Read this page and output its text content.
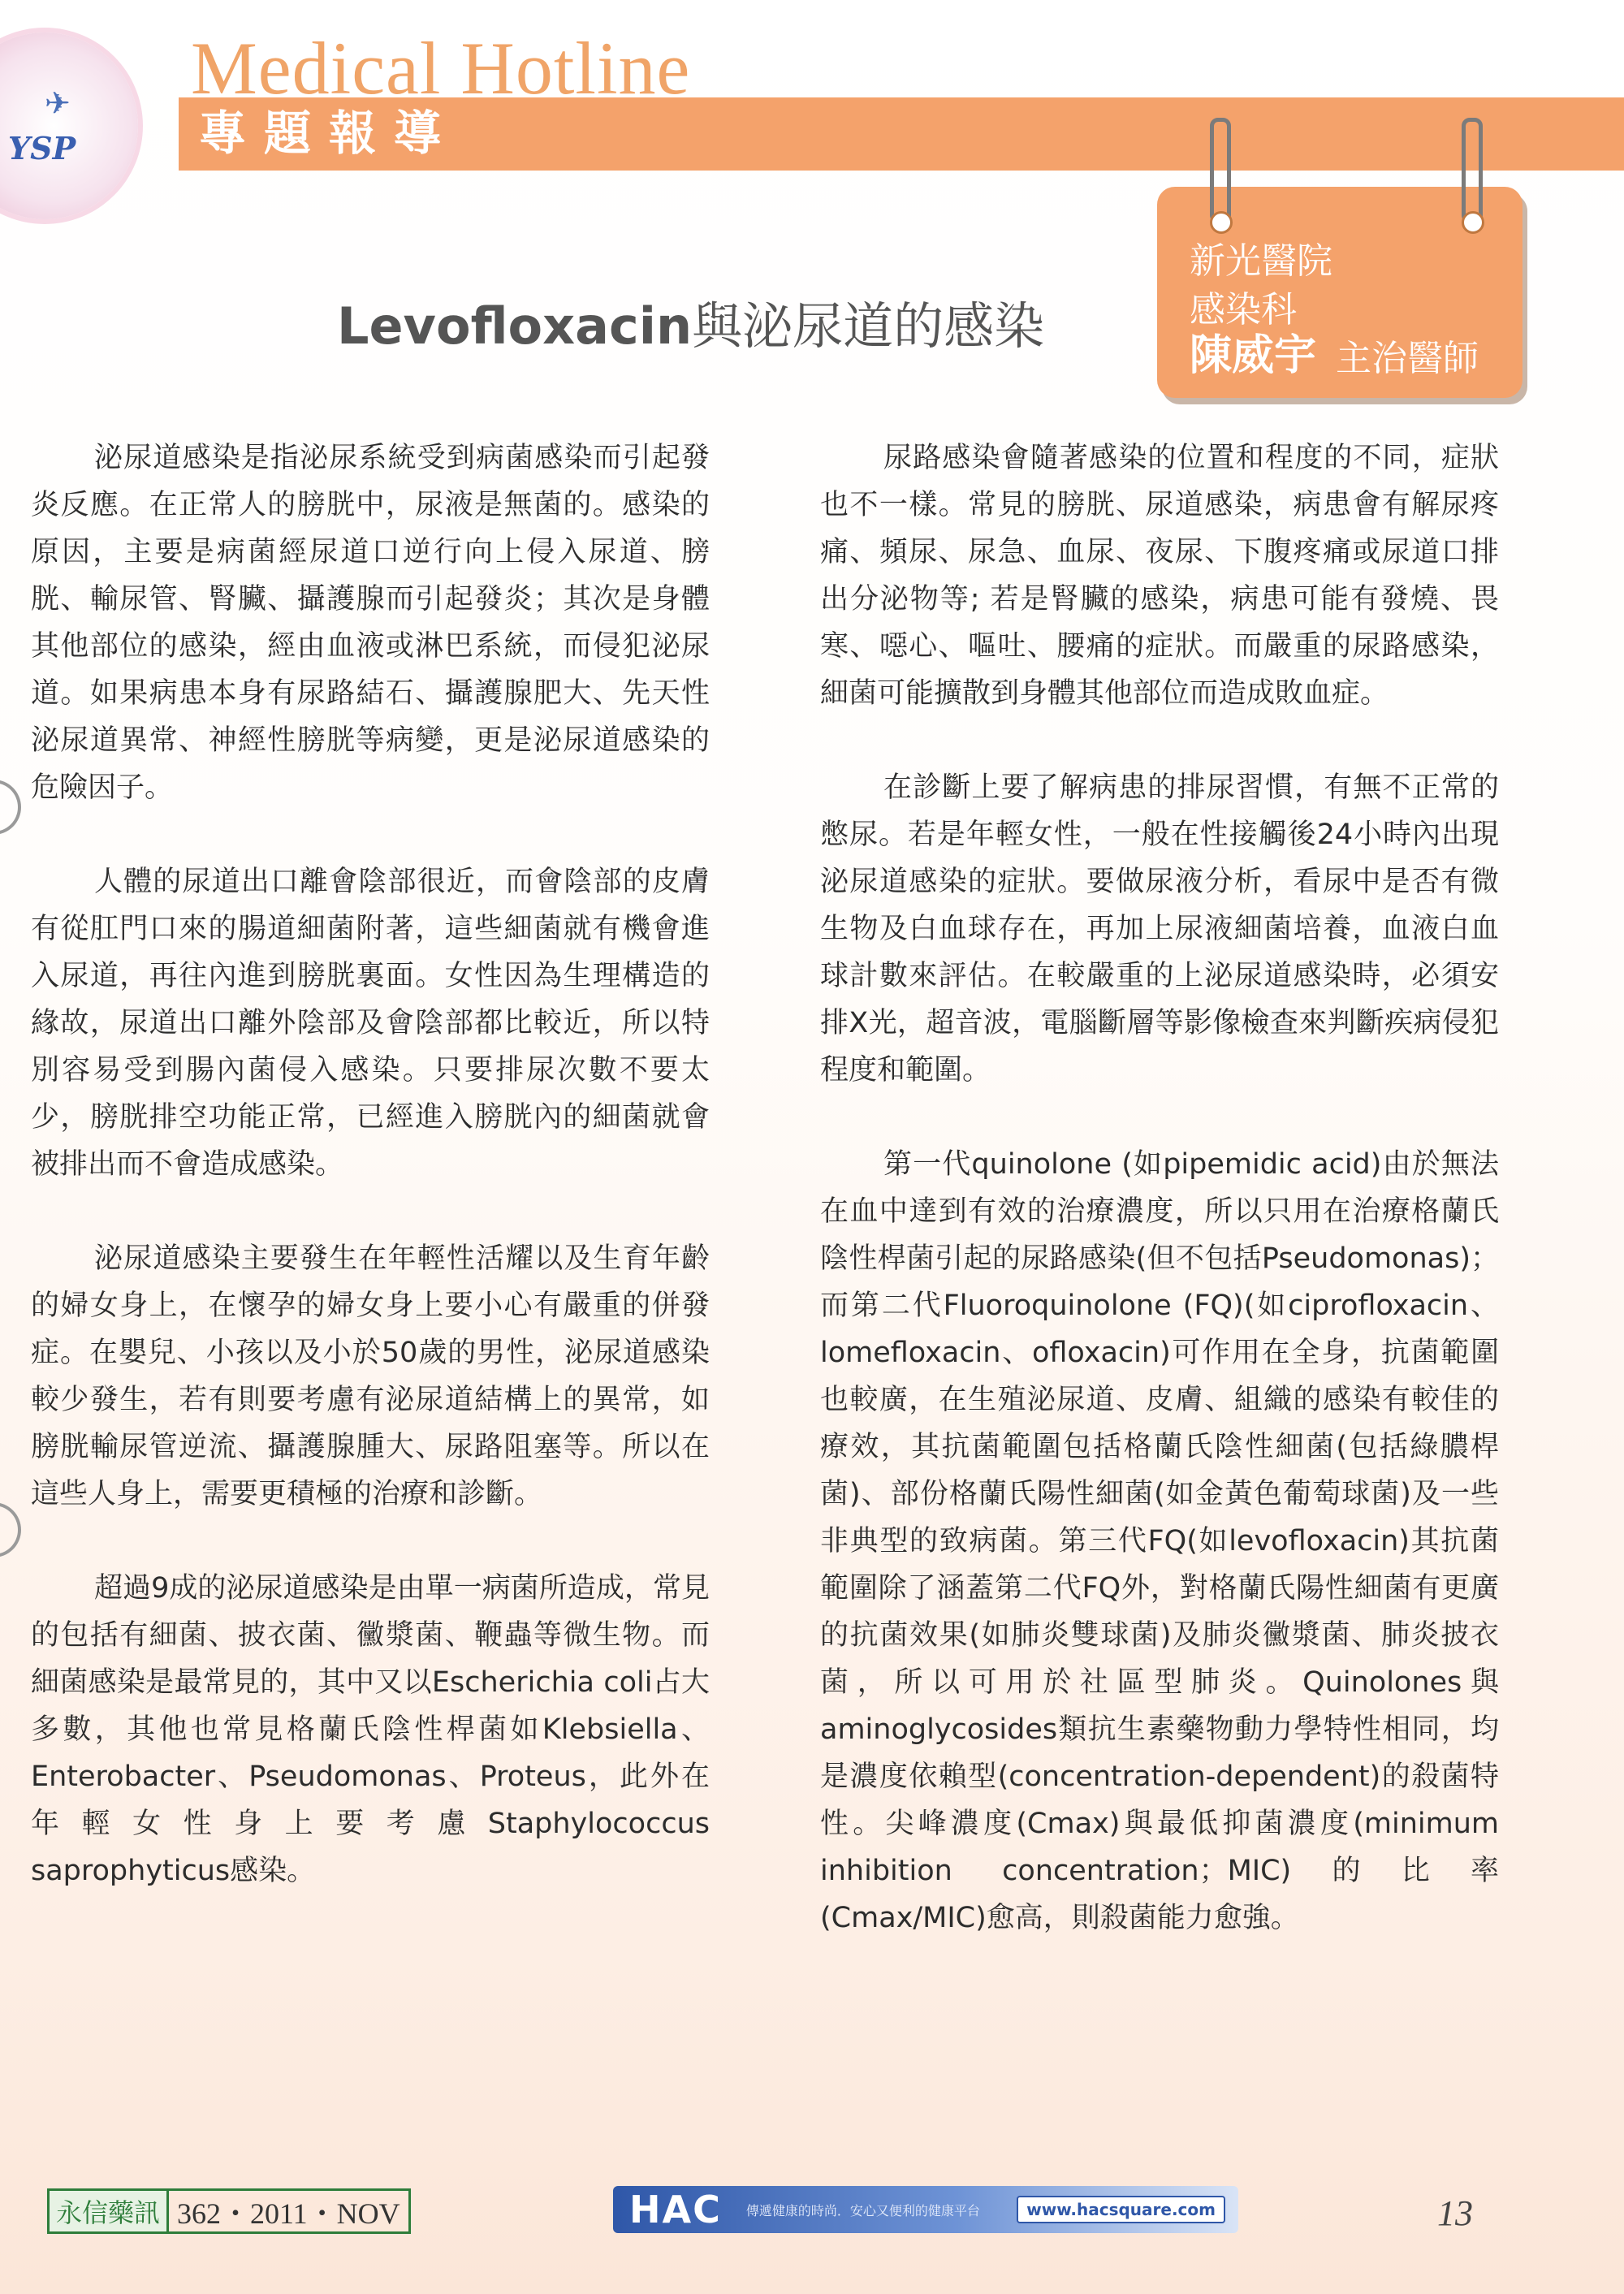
✈
YSP
Medical Hotline
專題報導
新光醫院
感染科
陳威宇 主治醫師
Levofloxacin與泌尿道的感染

泌尿道感染是指泌尿系統受到病菌感染而引起發炎反應。在正常人的膀胱中，尿液是無菌的。感染的原因，主要是病菌經尿道口逆行向上侵入尿道、膀胱、輸尿管、腎臟、攝護腺而引起發炎；其次是身體其他部位的感染，經由血液或淋巴系統，而侵犯泌尿道。如果病患本身有尿路結石、攝護腺肥大、先天性泌尿道異常、神經性膀胱等病變，更是泌尿道感染的危險因子。

人體的尿道出口離會陰部很近，而會陰部的皮膚有從肛門口來的腸道細菌附著，這些細菌就有機會進入尿道，再往內進到膀胱裏面。女性因為生理構造的緣故，尿道出口離外陰部及會陰部都比較近，所以特別容易受到腸內菌侵入感染。只要排尿次數不要太少，膀胱排空功能正常，已經進入膀胱內的細菌就會被排出而不會造成感染。

泌尿道感染主要發生在年輕性活耀以及生育年齡的婦女身上，在懷孕的婦女身上要小心有嚴重的併發症。在嬰兒、小孩以及小於50歲的男性，泌尿道感染較少發生，若有則要考慮有泌尿道結構上的異常，如膀胱輸尿管逆流、攝護腺腫大、尿路阻塞等。所以在這些人身上，需要更積極的治療和診斷。

超過9成的泌尿道感染是由單一病菌所造成，常見的包括有細菌、披衣菌、黴漿菌、鞭蟲等微生物。而細菌感染是最常見的，其中又以Escherichia coli占大多數，其他也常見格蘭氏陰性桿菌如Klebsiella、Enterobacter、Pseudomonas、Proteus，此外在年輕女性身上要考慮Staphylococcus saprophyticus感染。

尿路感染會隨著感染的位置和程度的不同，症狀也不一樣。常見的膀胱、尿道感染，病患會有解尿疼痛、頻尿、尿急、血尿、夜尿、下腹疼痛或尿道口排出分泌物等; 若是腎臟的感染，病患可能有發燒、畏寒、噁心、嘔吐、腰痛的症狀。而嚴重的尿路感染，細菌可能擴散到身體其他部位而造成敗血症。

在診斷上要了解病患的排尿習慣，有無不正常的憋尿。若是年輕女性，一般在性接觸後24小時內出現泌尿道感染的症狀。要做尿液分析，看尿中是否有微生物及白血球存在，再加上尿液細菌培養，血液白血球計數來評估。在較嚴重的上泌尿道感染時，必須安排X光，超音波，電腦斷層等影像檢查來判斷疾病侵犯程度和範圍。

第一代quinolone (如pipemidic acid)由於無法在血中達到有效的治療濃度，所以只用在治療格蘭氏陰性桿菌引起的尿路感染(但不包括Pseudomonas)；而第二代Fluoroquinolone (FQ)(如ciprofloxacin、lomefloxacin、ofloxacin)可作用在全身，抗菌範圍也較廣，在生殖泌尿道、皮膚、組織的感染有較佳的療效，其抗菌範圍包括格蘭氏陰性細菌(包括綠膿桿菌)、部份格蘭氏陽性細菌(如金黃色葡萄球菌)及一些非典型的致病菌。第三代FQ(如levofloxacin)其抗菌範圍除了涵蓋第二代FQ外，對格蘭氏陽性細菌有更廣的抗菌效果(如肺炎雙球菌)及肺炎黴漿菌、肺炎披衣菌，所以可用於社區型肺炎。Quinolones與aminoglycosides類抗生素藥物動力學特性相同，均是濃度依賴型(concentration-dependent)的殺菌特性。尖峰濃度(Cmax)與最低抑菌濃度(minimum inhibition concentration；MIC)的比率(Cmax/MIC)愈高，則殺菌能力愈強。

永信藥訊 362・2011・NOV	HAC 傳遞健康的時尚．安心又便利的健康平台	www.hacsquare.com	13
